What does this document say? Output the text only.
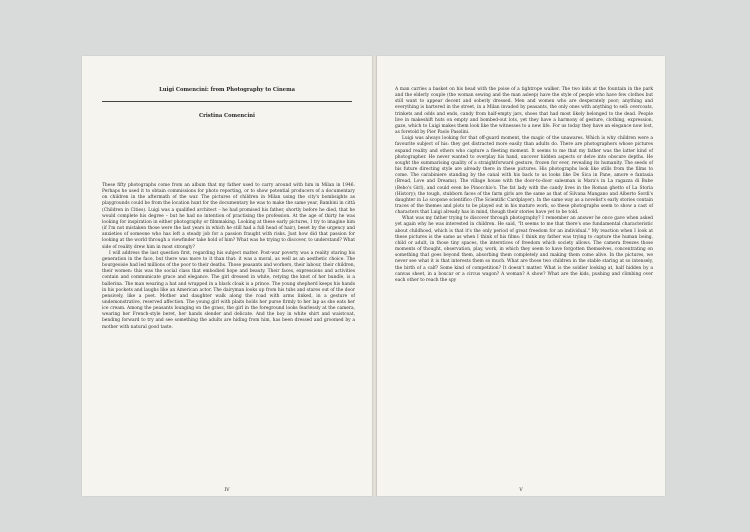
Luigi Comencini: from Photography to Cinema
Cristina Comencini

These fifty photographs come from an album that my father used to carry around with him in Milan in 1946. Perhaps he used it to obtain commissions for photo reporting, or to show potential producers of a documentary on children in the aftermath of the war. The pictures of children in Milan using the city's bombsights as playgrounds could be from the location hunt for the documentary he was to make the same year, Bambini in città (Children in Cities). Luigi was a qualified architect – he had promised his father, shortly before he died, that he would complete his degree – but he had no intention of practising the profession. At the age of thirty he was looking for inspiration in either photography or filmmaking. Looking at these early pictures, I try to imagine him (if I'm not mistaken those were the last years in which he still had a full head of hair), beset by the urgency and anxieties of someone who has left a steady job for a passion fraught with risks. Just how did that passion for looking at the world through a viewfinder take hold of him? What was he trying to discover, to understand? What side of reality drew him in most strongly?

I will address the last question first, regarding his subject matter. Post-war poverty was a reality staring his generation in the face, but there was more to it than that: it was a moral, as well as an aesthetic choice. The bourgeoisie had led millions of the poor to their deaths. Those peasants and workers, their labour, their children, their women: this was the social class that embodied hope and beauty. Their faces, expressions and activities contain and communicate grace and elegance. The girl dressed in white, retying the knot of her bundle, is a ballerina. The man wearing a hat and wrapped in a black cloak is a prince. The young shepherd keeps his hands in his pockets and laughs like an American actor. The dairyman looks up from his tubs and stares out of the door pensively, like a poet. Mother and daughter walk along the road with arms linked, in a gesture of undemonstrative, reserved affection. The young girl with plaits holds her purse firmly to her lap as she eats her ice cream. Among the peasants lounging on the grass, the girl in the foreground looks fearlessly at the camera, wearing her French-style beret, her hands slender and delicate. And the boy in white shirt and waistcoat, bending forward to try and see something the adults are hiding from him, has been dressed and groomed by a mother with natural good taste.

IV

A man carries a basket on his head with the poise of a tightrope walker. The two kids at the fountain in the park and the elderly couple (the woman sewing and the man asleep) have the style of people who have few clothes but still want to appear decent and soberly dressed. Men and women who are desperately poor; anything and everything is bartered in the street, in a Milan invaded by peasants, the only ones with anything to sell: overcoats, trinkets and odds and ends, candy from half-empty jars, shoes that had most likely belonged to the dead. People live in makeshift huts on empty and bombed-out lots, yet they have a harmony of gesture, clothing, expression, gaze, which to Luigi makes them look like the witnesses to a new life. For us today they have an elegance now lost, as foretold by Pier Paolo Pasolini.

Luigi was always looking for that off-guard moment, the magic of the unawares. Which is why children were a favourite subject of his: they get distracted more easily than adults do. There are photographers whose pictures expand reality and others who capture a fleeting moment. It seems to me that my father was the latter kind of photographer. He never wanted to overplay his hand, uncover hidden aspects or delve into obscure depths. He sought the summarising quality of a straightforward gesture, frozen for ever, revealing its humanity. The seeds of his future directing style are already there in these pictures. His photographs look like stills from the films to come. The carabiniere standing by the canal with his back to us looks like De Sica in Pane, amore e fantasia (Bread, Love and Dreams). The village house with the door-to-door salesman is Mara's in La ragazza di Bube (Bebo's Girl), and could even be Pinocchio's. The fat lady with the candy lives in the Roman ghetto of La Storia (History); the tough, stubborn faces of the farm girls are the same as that of Silvana Mangano and Alberto Sordi's daughter in Lo scopone scientifico (The Scientific Cardplayer). In the same way as a novelist's early stories contain traces of the themes and plots to be played out in his mature work, so these photographs seem to show a cast of characters that Luigi already has in mind, though their stories have yet to be told.

What was my father trying to discover through photography? I remember an answer he once gave when asked yet again why he was interested in children. He said, "It seems to me that there's one fundamental characteristic about childhood, which is that it's the only period of great freedom for an individual." My reaction when I look at these pictures is the same as when I think of his films: I think my father was trying to capture the human being, child or adult, in those tiny spaces, the interstices of freedom which society allows. The camera freezes those moments of thought, observation, play, work, in which they seem to have forgotten themselves, concentrating on something that goes beyond them, absorbing them completely and making them come alive. In the pictures, we never see what it is that interests them so much. What are those two children in the stable staring at so intensely, the birth of a calf? Some kind of competition? It doesn't matter. What is the soldier looking at, half hidden by a canvas sheet, in a boxcar or a circus wagon? A woman? A show? What are the kids, pushing and climbing over each other to reach the spy

V
